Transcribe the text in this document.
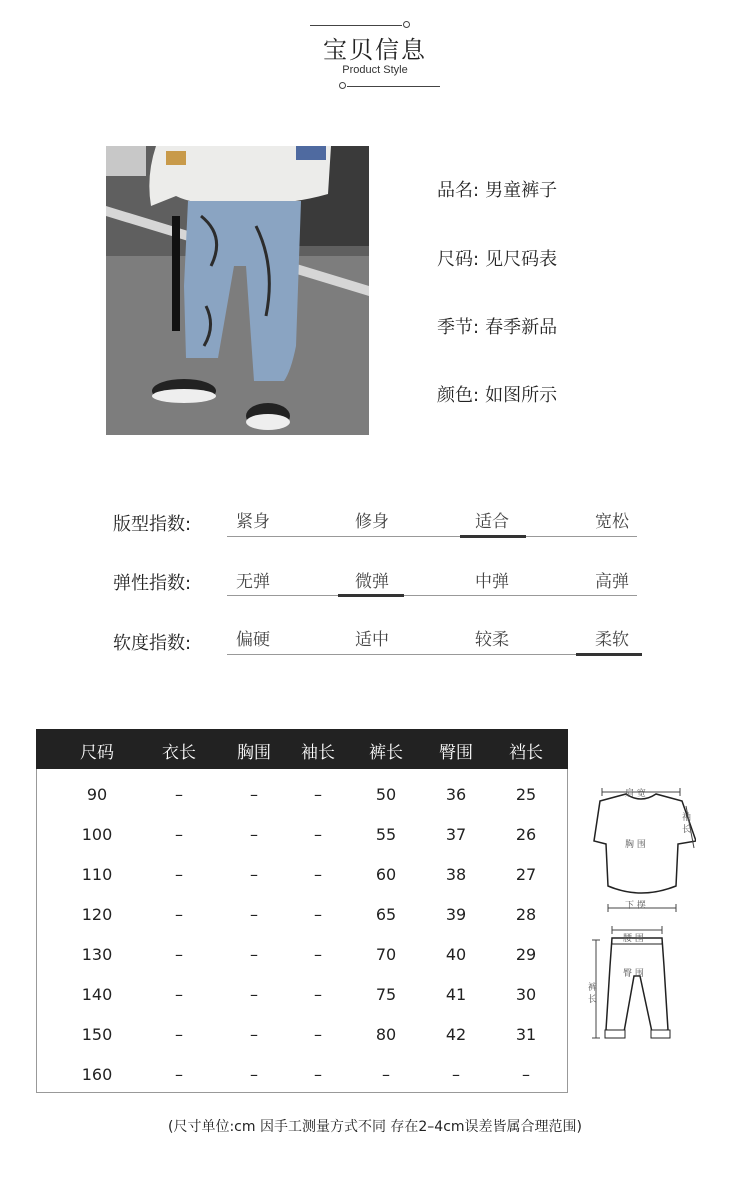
宝贝信息
Product Style
品名: 男童裤子
尺码: 见尺码表
季节: 春季新品
颜色: 如图所示
版型指数:	紧身	修身	适合	宽松
弹性指数:	无弹	微弹	中弹	高弹
软度指数:	偏硬	适中	较柔	柔软
尺码	衣长	胸围	袖长	裤长	臀围	裆长
90	–	–	–	50	36	25
100	–	–	–	55	37	26
110	–	–	–	60	38	27
120	–	–	–	65	39	28
130	–	–	–	70	40	29
140	–	–	–	75	41	30
150	–	–	–	80	42	31
160	–	–	–	–	–	–
肩 宽
胸 围
袖长
下 摆
腰 围
臀 围
裤长
(尺寸单位:cm 因手工测量方式不同 存在2–4cm误差皆属合理范围)
